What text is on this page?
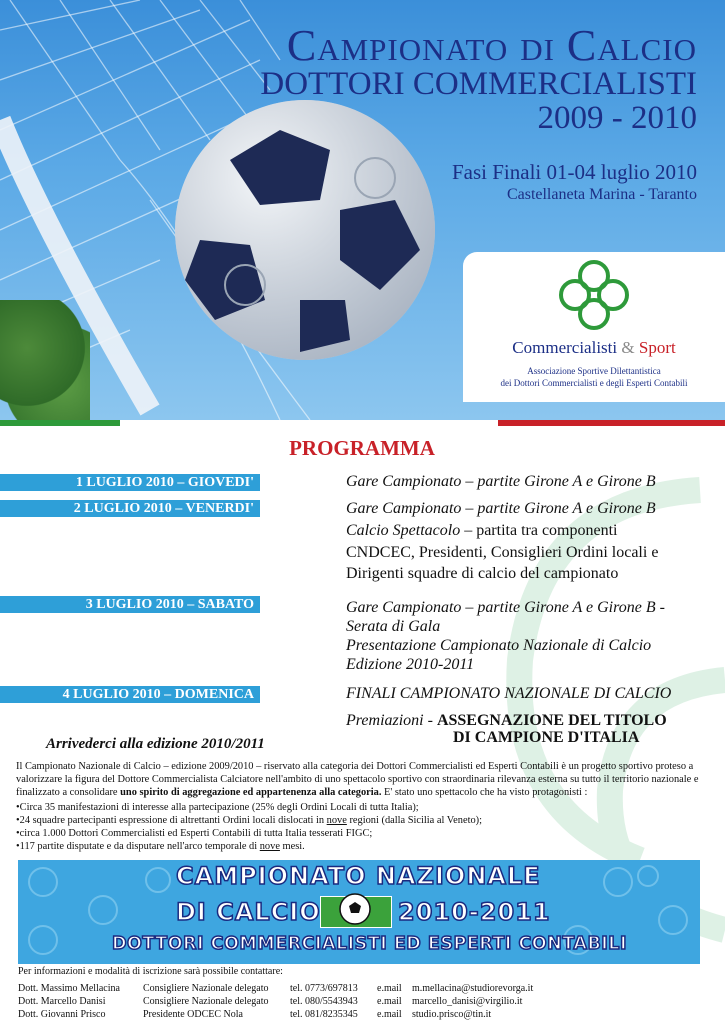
Campionato di Calcio
DOTTORI COMMERCIALISTI
2009 - 2010
Fasi Finali 01-04 luglio 2010
Castellaneta Marina - Taranto
Commercialisti & Sport
Associazione Sportive Dilettantistica
dei Dottori Commercialisti e degli Esperti Contabili
PROGRAMMA
1 LUGLIO 2010 – GIOVEDI'	Gare Campionato – partite Girone A e Girone B
2 LUGLIO 2010 – VENERDI'	Gare Campionato – partite Girone A e Girone B
Calcio Spettacolo – partita tra componenti
CNDCEC, Presidenti, Consiglieri Ordini locali e
Dirigenti squadre di calcio del campionato
3 LUGLIO 2010 – SABATO	Gare Campionato – partite Girone A e Girone B -
Serata di Gala
Presentazione Campionato Nazionale di Calcio
Edizione 2010-2011
4 LUGLIO 2010 – DOMENICA	FINALI CAMPIONATO NAZIONALE DI CALCIO
Premiazioni - ASSEGNAZIONE DEL TITOLO
DI CAMPIONE D'ITALIA
Arrivederci alla edizione 2010/2011
Il Campionato Nazionale di Calcio – edizione 2009/2010 – riservato alla categoria dei Dottori Commercialisti ed Esperti Contabili è un progetto sportivo proteso a valorizzare la figura del Dottore Commercialista Calciatore nell'ambito di uno spettacolo sportivo con straordinaria rilevanza esterna su tutto il territorio nazionale e finalizzato a consolidare uno spirito di aggregazione ed appartenenza alla categoria. E' stato uno spettacolo che ha visto protagonisti :
•Circa 35 manifestazioni di interesse alla partecipazione (25% degli Ordini Locali di tutta Italia);
•24 squadre partecipanti espressione di altrettanti Ordini locali dislocati in nove regioni (dalla Sicilia al Veneto);
•circa 1.000 Dottori Commercialisti ed Esperti Contabili di tutta Italia tesserati FIGC;
•117 partite disputate e da disputare nell'arco temporale di nove mesi.
CAMPIONATO NAZIONALE
DI CALCIO	2010-2011
DOTTORI COMMERCIALISTI ED ESPERTI CONTABILI
Per informazioni e modalità di iscrizione sarà possibile contattare:
Dott. Massimo Mellacina Consigliere Nazionale delegato tel. 0773/697813 e.mail m.mellacina@studiorevorga.it
Dott. Marcello Danisi	Consigliere Nazionale delegato tel. 080/5543943 e.mail marcello_danisi@virgilio.it
Dott. Giovanni Prisco	Presidente ODCEC Nola	tel. 081/8235345 e.mail studio.prisco@tin.it
